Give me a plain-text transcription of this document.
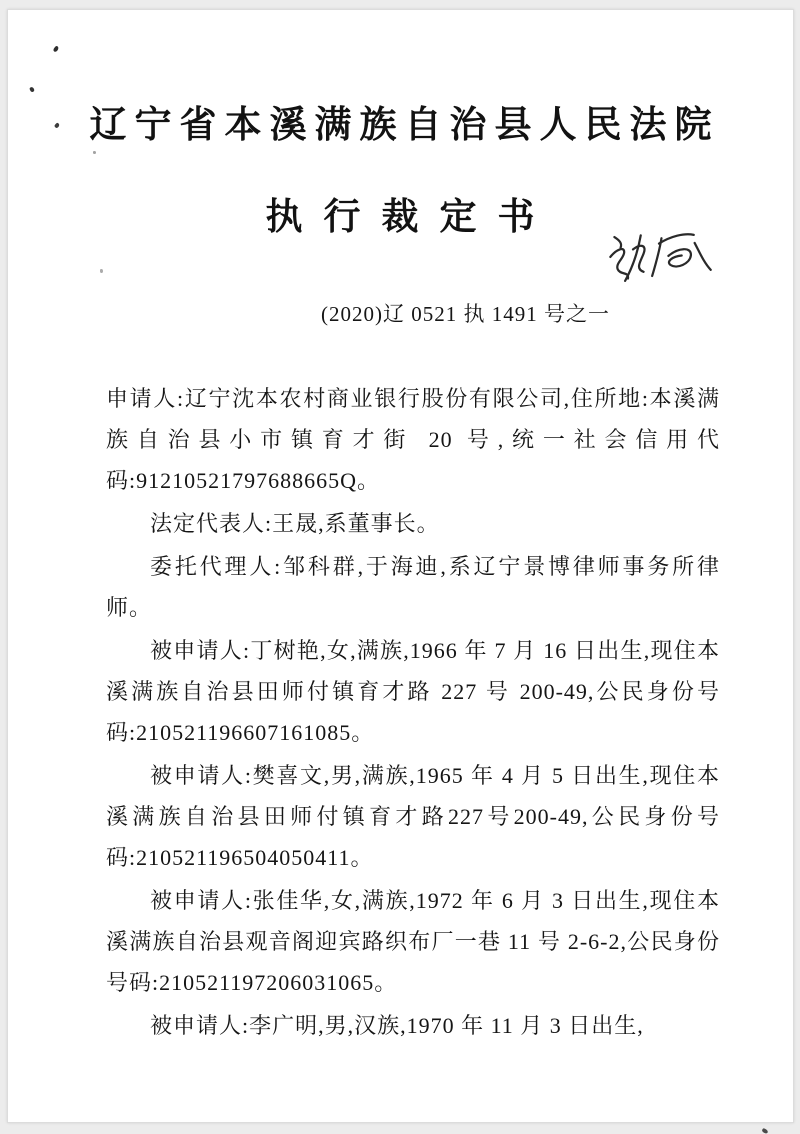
辽宁省本溪满族自治县人民法院
执行裁定书
(2020)辽 0521 执 1491 号之一

申请人:辽宁沈本农村商业银行股份有限公司,住所地:本溪满族自治县小市镇育才街 20 号,统一社会信用代码:91210521797688665Q。

法定代表人:王晟,系董事长。

委托代理人:邹科群,于海迪,系辽宁景博律师事务所律师。

被申请人:丁树艳,女,满族,1966 年 7 月 16 日出生,现住本溪满族自治县田师付镇育才路 227 号 200-49,公民身份号码:210521196607161085。

被申请人:樊喜文,男,满族,1965 年 4 月 5 日出生,现住本溪满族自治县田师付镇育才路227号200-49,公民身份号码:210521196504050411。

被申请人:张佳华,女,满族,1972 年 6 月 3 日出生,现住本溪满族自治县观音阁迎宾路织布厂一巷 11 号 2-6-2,公民身份号码:210521197206031065。

被申请人:李广明,男,汉族,1970 年 11 月 3 日出生,
